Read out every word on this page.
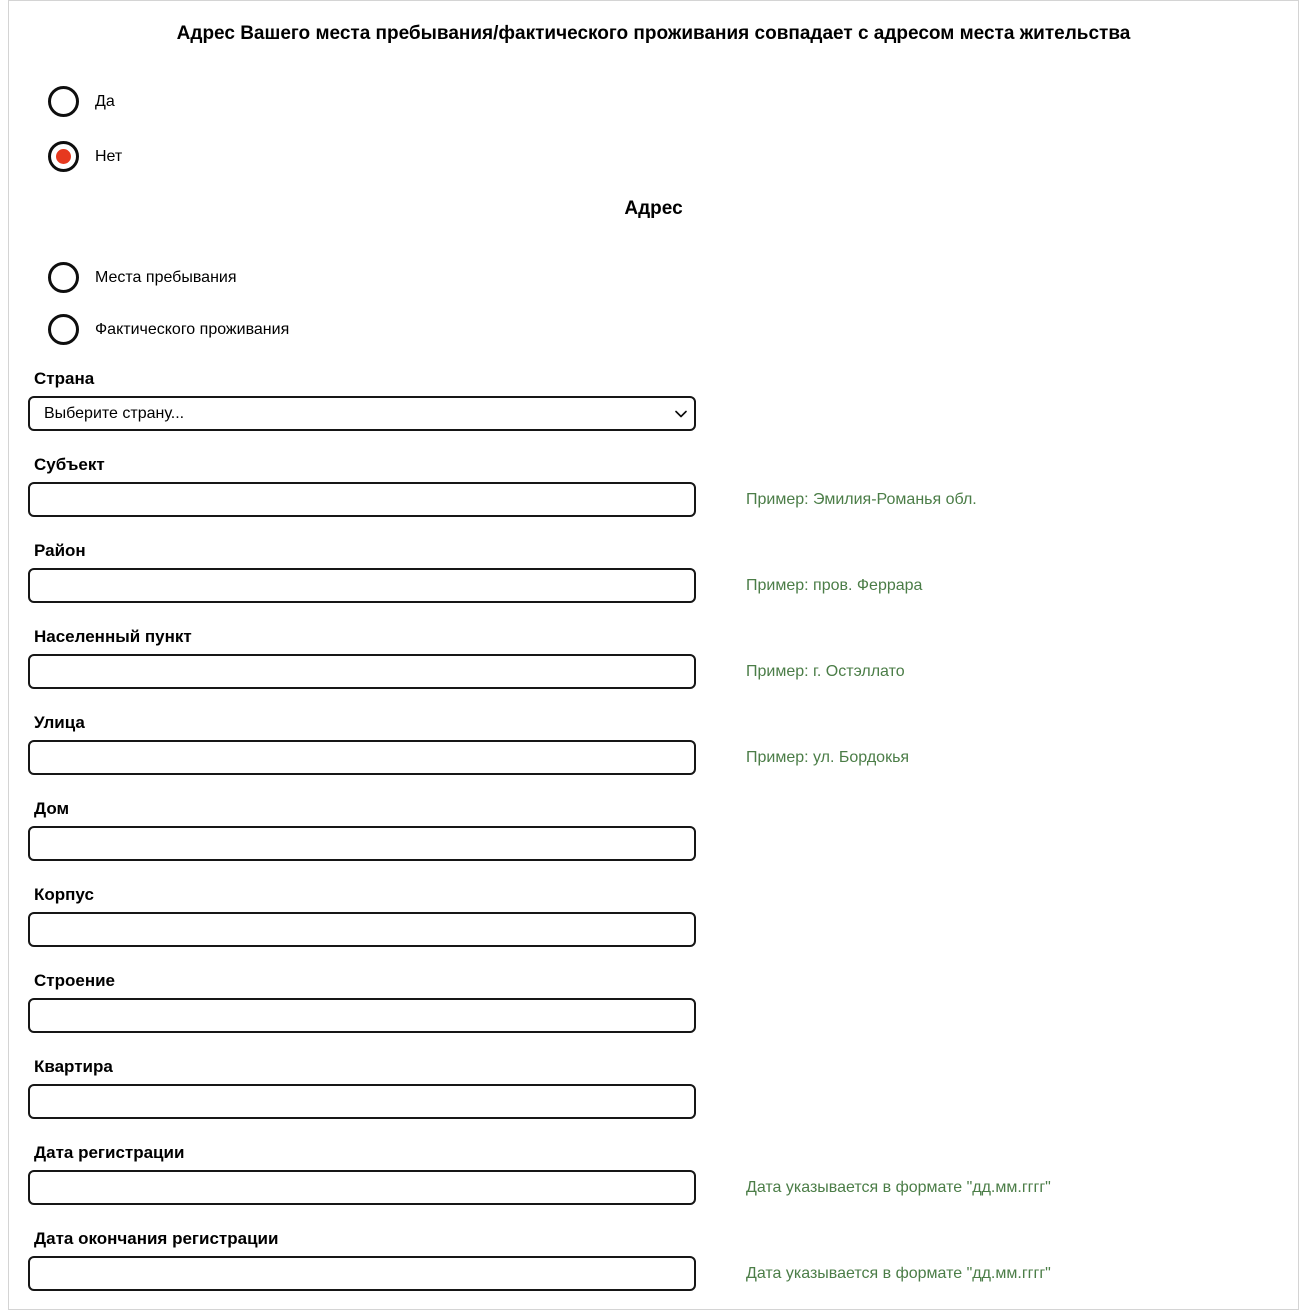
Адрес Вашего места пребывания/фактического проживания совпадает с адресом места жительства
Да
Нет
Адрес
Места пребывания
Фактического проживания
Страна
Выберите страну...
Субъект
Пример: Эмилия-Романья обл.
Район
Пример: пров. Феррара
Населенный пункт
Пример: г. Остэллато
Улица
Пример: ул. Бордокья
Дом
Корпус
Строение
Квартира
Дата регистрации
Дата указывается в формате "дд.мм.гггг"
Дата окончания регистрации
Дата указывается в формате "дд.мм.гггг"
